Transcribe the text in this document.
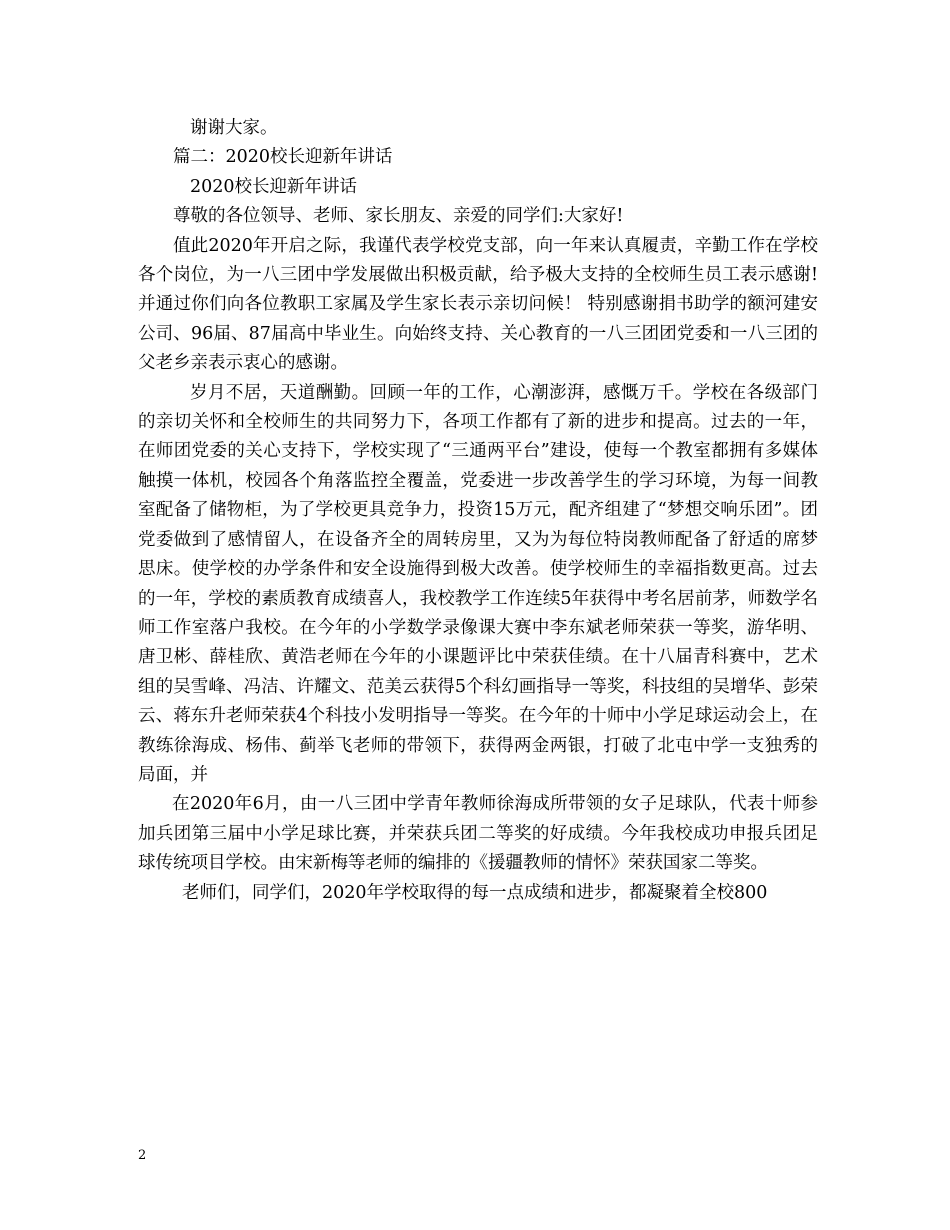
谢谢大家。

篇二：2020校长迎新年讲话

2020校长迎新年讲话

尊敬的各位领导、老师、家长朋友、亲爱的同学们:大家好!

值此2020年开启之际，我谨代表学校党支部，向一年来认真履责，辛勤工作在学校各个岗位，为一八三团中学发展做出积极贡献，给予极大支持的全校师生员工表示感谢!并通过你们向各位教职工家属及学生家长表示亲切问候！ 特别感谢捐书助学的额河建安公司、96届、87届高中毕业生。向始终支持、关心教育的一八三团团党委和一八三团的父老乡亲表示衷心的感谢。

岁月不居，天道酬勤。回顾一年的工作，心潮澎湃，感慨万千。学校在各级部门的亲切关怀和全校师生的共同努力下，各项工作都有了新的进步和提高。过去的一年，在师团党委的关心支持下，学校实现了“三通两平台”建设，使每一个教室都拥有多媒体触摸一体机，校园各个角落监控全覆盖，党委进一步改善学生的学习环境，为每一间教室配备了储物柜，为了学校更具竞争力，投资15万元，配齐组建了“梦想交响乐团”。团党委做到了感情留人，在设备齐全的周转房里，又为为每位特岗教师配备了舒适的席梦思床。使学校的办学条件和安全设施得到极大改善。使学校师生的幸福指数更高。过去的一年，学校的素质教育成绩喜人，我校教学工作连续5年获得中考名居前茅，师数学名师工作室落户我校。在今年的小学数学录像课大赛中李东斌老师荣获一等奖，游华明、唐卫彬、薛桂欣、黄浩老师在今年的小课题评比中荣获佳绩。在十八届青科赛中，艺术组的吴雪峰、冯洁、许耀文、范美云获得5个科幻画指导一等奖，科技组的吴增华、彭荣云、蒋东升老师荣获4个科技小发明指导一等奖。在今年的十师中小学足球运动会上，在教练徐海成、杨伟、蓟举飞老师的带领下，获得两金两银，打破了北屯中学一支独秀的局面，并

在2020年6月，由一八三团中学青年教师徐海成所带领的女子足球队，代表十师参加兵团第三届中小学足球比赛，并荣获兵团二等奖的好成绩。今年我校成功申报兵团足球传统项目学校。由宋新梅等老师的编排的《援疆教师的情怀》荣获国家二等奖。

老师们，同学们，2020年学校取得的每一点成绩和进步，都凝聚着全校800

2
